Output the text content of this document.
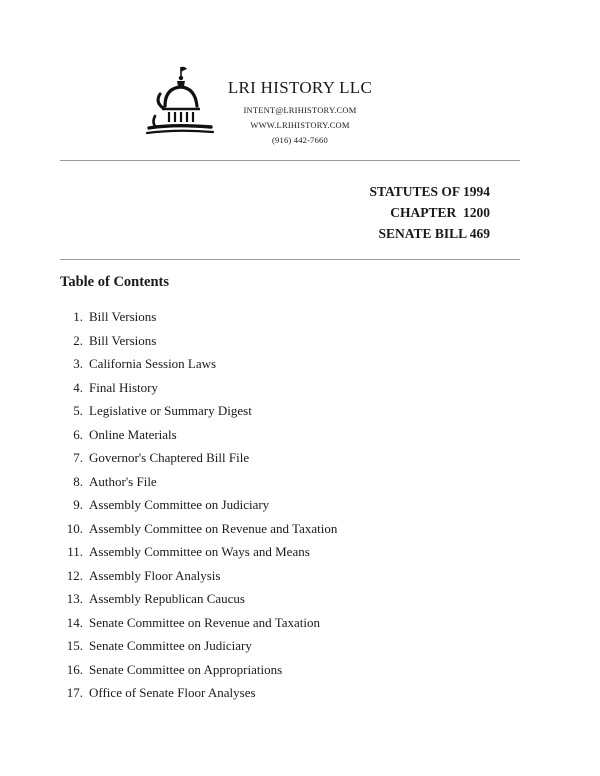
LRI HISTORY LLC
INTENT@LRIHISTORY.COM
WWW.LRIHISTORY.COM
(916) 442-7660
STATUTES OF 1994
CHAPTER  1200
SENATE BILL 469
Table of Contents
1. Bill Versions
2. Bill Versions
3. California Session Laws
4. Final History
5. Legislative or Summary Digest
6. Online Materials
7. Governor's Chaptered Bill File
8. Author's File
9. Assembly Committee on Judiciary
10. Assembly Committee on Revenue and Taxation
11. Assembly Committee on Ways and Means
12. Assembly Floor Analysis
13. Assembly Republican Caucus
14. Senate Committee on Revenue and Taxation
15. Senate Committee on Judiciary
16. Senate Committee on Appropriations
17. Office of Senate Floor Analyses
